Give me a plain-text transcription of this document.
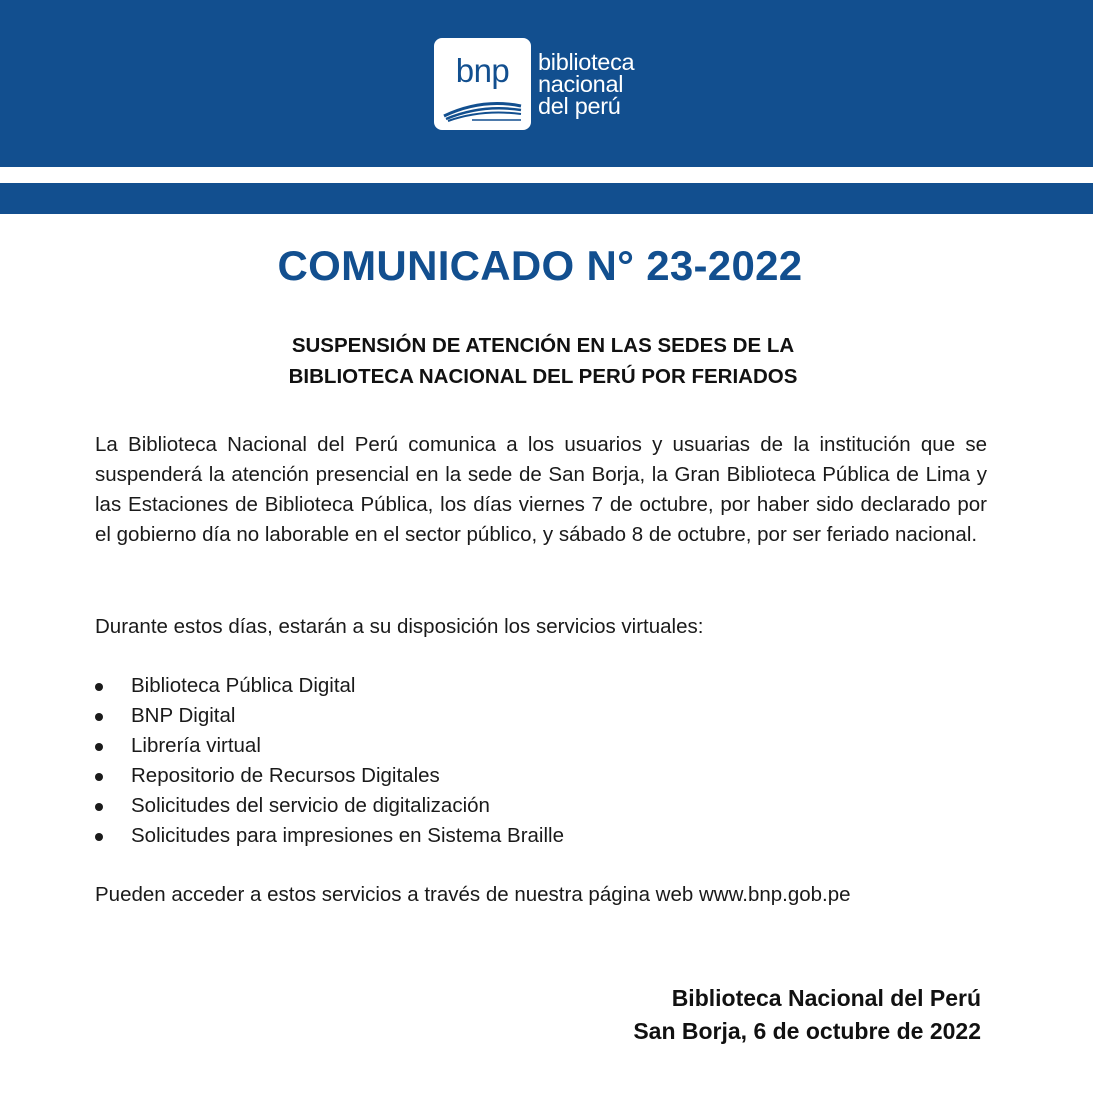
bnp	biblioteca
nacional
del perú
COMUNICADO N° 23-2022
SUSPENSIÓN DE ATENCIÓN EN LAS SEDES DE LA
BIBLIOTECA NACIONAL DEL PERÚ POR FERIADOS
La Biblioteca Nacional del Perú comunica a los usuarios y usuarias de la institución que se suspenderá la atención presencial en la sede de San Borja, la Gran Biblioteca Pública de Lima y las Estaciones de Biblioteca Pública, los días viernes 7 de octubre, por haber sido declarado por el gobierno día no laborable en el sector público, y sábado 8 de octubre, por ser feriado nacional.
Durante estos días, estarán a su disposición los servicios virtuales:
Biblioteca Pública Digital
BNP Digital
Librería virtual
Repositorio de Recursos Digitales
Solicitudes del servicio de digitalización
Solicitudes para impresiones en Sistema Braille
Pueden acceder a estos servicios a través de nuestra página web www.bnp.gob.pe
Biblioteca Nacional del Perú
San Borja, 6 de octubre de 2022
